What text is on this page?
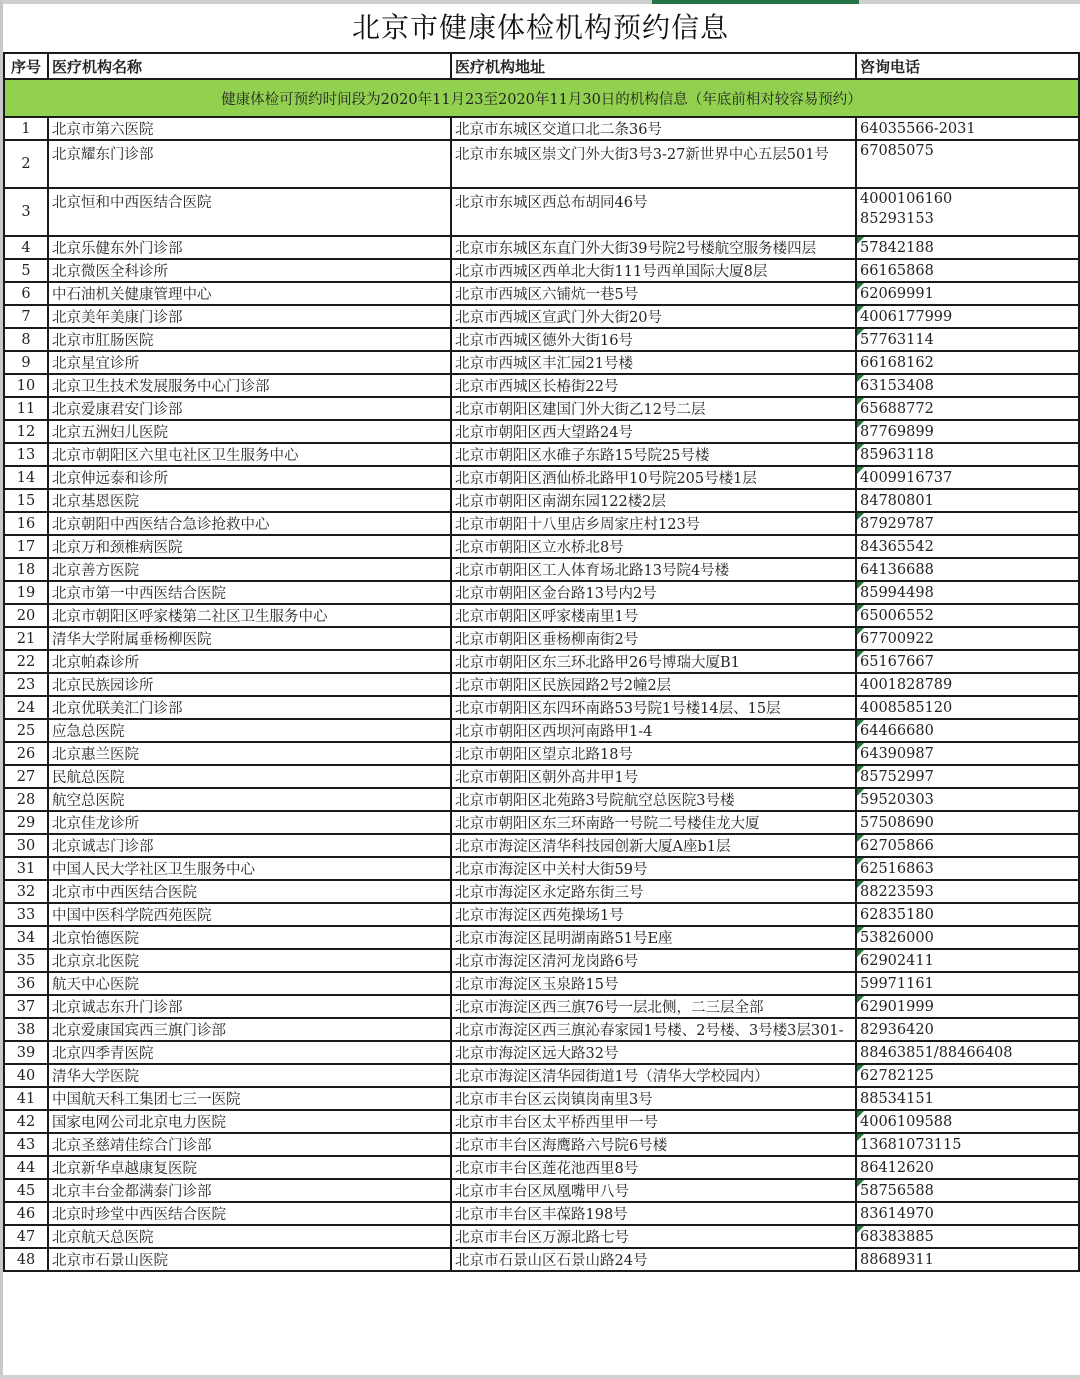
北京市健康体检机构预约信息
序号	医疗机构名称	医疗机构地址	咨询电话
健康体检可预约时间段为2020年11月23至2020年11月30日的机构信息（年底前相对较容易预约）			
1	北京市第六医院	北京市东城区交道口北二条36号	64035566-2031
2	北京耀东门诊部	北京市东城区崇文门外大街3号3-27新世界中心五层501号	67085075
3	北京恒和中西医结合医院	北京市东城区西总布胡同46号	4000106160
85293153

4	北京乐健东外门诊部	北京市东城区东直门外大街39号院2号楼航空服务楼四层	57842188

5	北京微医全科诊所	北京市西城区西单北大街111号西单国际大厦8层	66165868
6	中石油机关健康管理中心	北京市西城区六铺炕一巷5号	62069991

7	北京美年美康门诊部	北京市西城区宣武门外大街20号	4006177999

8	北京市肛肠医院	北京市西城区德外大街16号	57763114

9	北京星宜诊所	北京市西城区丰汇园21号楼	66168162
10	北京卫生技术发展服务中心门诊部	北京市西城区长椿街22号	63153408

11	北京爱康君安门诊部	北京市朝阳区建国门外大街乙12号二层	65688772

12	北京五洲妇儿医院	北京市朝阳区西大望路24号	87769899

13	北京市朝阳区六里屯社区卫生服务中心	北京市朝阳区水碓子东路15号院25号楼	85963118

14	北京伸远泰和诊所	北京市朝阳区酒仙桥北路甲10号院205号楼1层	4009916737

15	北京基恩医院	北京市朝阳区南湖东园122楼2层	84780801
16	北京朝阳中西医结合急诊抢救中心	北京市朝阳十八里店乡周家庄村123号	87929787

17	北京万和颈椎病医院	北京市朝阳区立水桥北8号	84365542
18	北京善方医院	北京市朝阳区工人体育场北路13号院4号楼	64136688
19	北京市第一中西医结合医院	北京市朝阳区金台路13号内2号	85994498

20	北京市朝阳区呼家楼第二社区卫生服务中心	北京市朝阳区呼家楼南里1号	65006552

21	清华大学附属垂杨柳医院	北京市朝阳区垂杨柳南街2号	67700922

22	北京帕森诊所	北京市朝阳区东三环北路甲26号博瑞大厦B1	65167667

23	北京民族园诊所	北京市朝阳区民族园路2号2幢2层	4001828789
24	北京优联美汇门诊部	北京市朝阳区东四环南路53号院1号楼14层、15层	4008585120
25	应急总医院	北京市朝阳区西坝河南路甲1-4	64466680

26	北京惠兰医院	北京市朝阳区望京北路18号	64390987

27	民航总医院	北京市朝阳区朝外高井甲1号	85752997

28	航空总医院	北京市朝阳区北苑路3号院航空总医院3号楼	59520303

29	北京佳龙诊所	北京市朝阳区东三环南路一号院二号楼佳龙大厦	57508690
30	北京诚志门诊部	北京市海淀区清华科技园创新大厦A座b1层	62705866

31	中国人民大学社区卫生服务中心	北京市海淀区中关村大街59号	62516863

32	北京市中西医结合医院	北京市海淀区永定路东街三号	88223593

33	中国中医科学院西苑医院	北京市海淀区西苑操场1号	62835180
34	北京怡德医院	北京市海淀区昆明湖南路51号E座	53826000

35	北京京北医院	北京市海淀区清河龙岗路6号	62902411

36	航天中心医院	北京市海淀区玉泉路15号	59971161
37	北京诚志东升门诊部	北京市海淀区西三旗76号一层北侧，二三层全部	62901999

38	北京爱康国宾西三旗门诊部	北京市海淀区西三旗沁春家园1号楼、2号楼、3号楼3层301-	82936420
39	北京四季青医院	北京市海淀区远大路32号	88463851/88466408
40	清华大学医院	北京市海淀区清华园街道1号（清华大学校园内）	62782125

41	中国航天科工集团七三一医院	北京市丰台区云岗镇岗南里3号	88534151
42	国家电网公司北京电力医院	北京市丰台区太平桥西里甲一号	4006109588

43	北京圣慈靖佳综合门诊部	北京市丰台区海鹰路六号院6号楼	13681073115

44	北京新华卓越康复医院	北京市丰台区莲花池西里8号	86412620
45	北京丰台金都满泰门诊部	北京市丰台区凤凰嘴甲八号	58756588

46	北京时珍堂中西医结合医院	北京市丰台区丰葆路198号	83614970
47	北京航天总医院	北京市丰台区万源北路七号	68383885

48	北京市石景山医院	北京市石景山区石景山路24号	88689311
